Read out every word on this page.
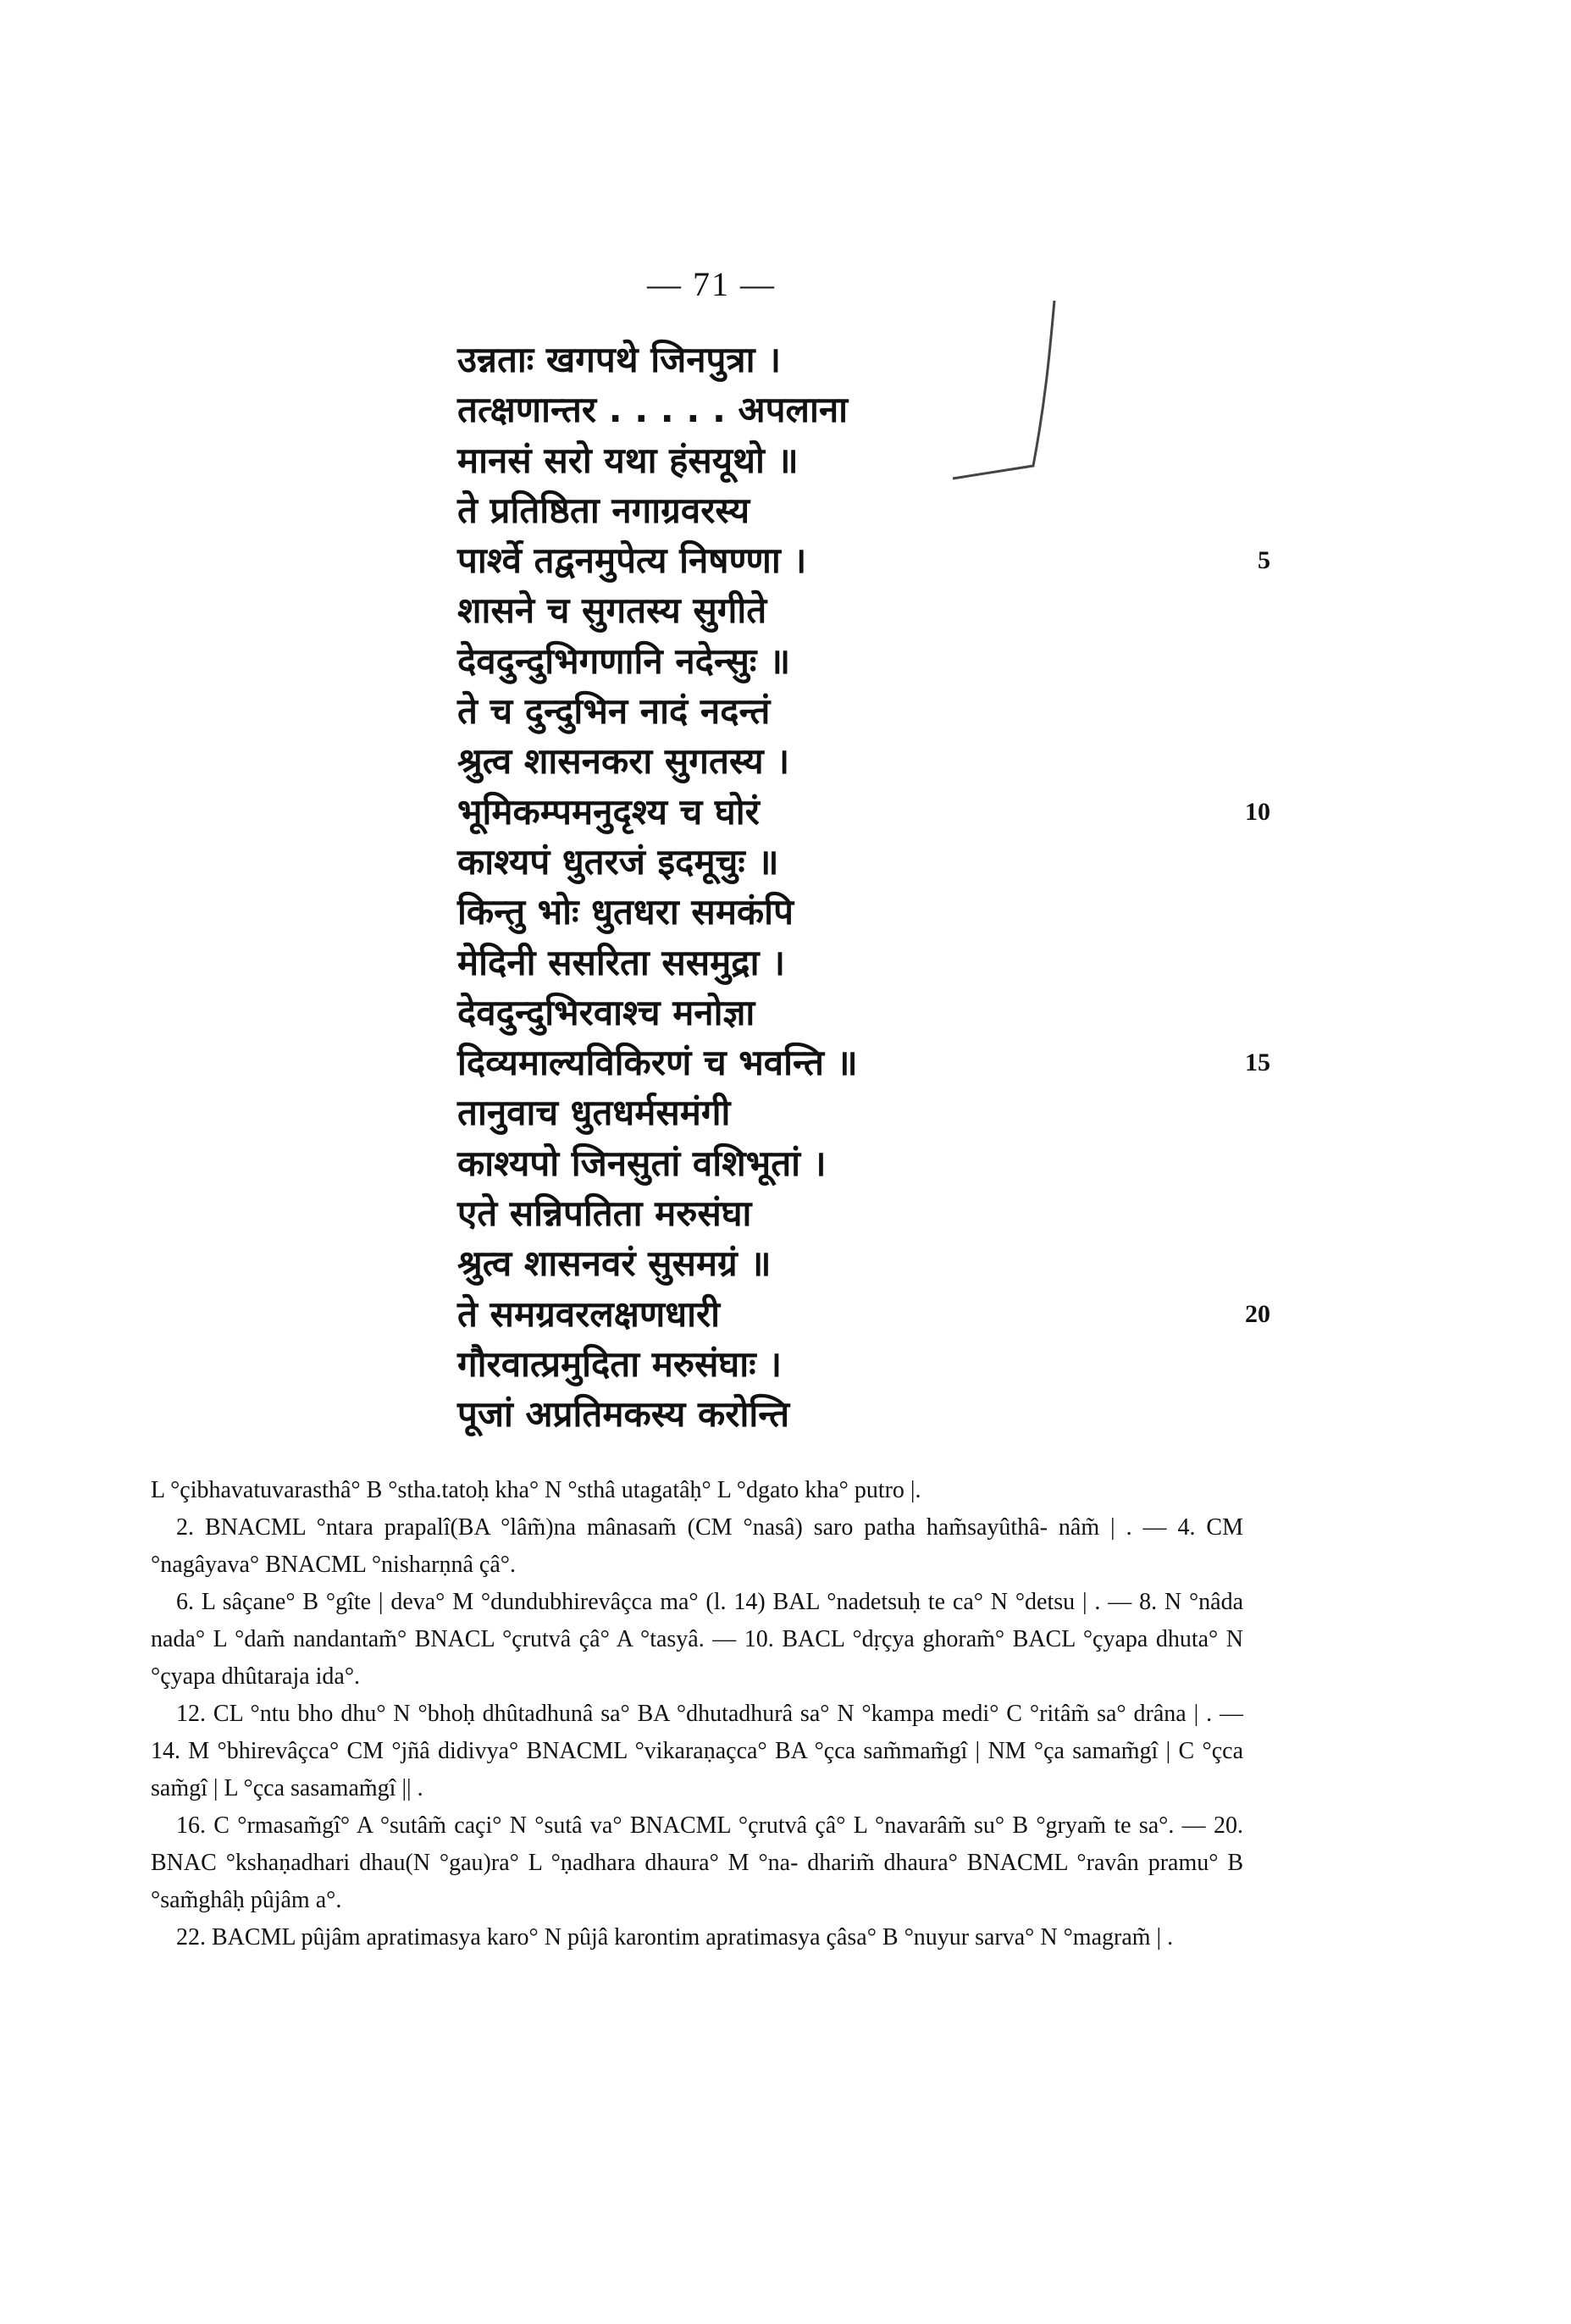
— 71 —
उन्नताः खगपथे जिनपुत्रा ।
तत्क्षणान्तर . . . . . अपलाना
मानसं सरो यथा हंसयूथो ॥
ते प्रतिष्ठिता नगाग्रवरस्य
पार्श्वे तद्वनमुपेत्य निषण्णा ।	5
शासने च सुगतस्य सुगीते
देवदुन्दुभिगणानि नदेन्सुः ॥
ते च दुन्दुभिन नादं नदन्तं
श्रुत्व शासनकरा सुगतस्य ।
भूमिकम्पमनुदृश्य च घोरं	10
काश्यपं धुतरजं इदमूचुः ॥
किन्तु भोः धुतधरा समकंपि
मेदिनी ससरिता ससमुद्रा ।
देवदुन्दुभिरवाश्च मनोज्ञा
दिव्यमाल्यविकिरणं च भवन्ति ॥	15
तानुवाच धुतधर्मसमंगी
काश्यपो जिनसुतां वशिभूतां ।
एते सन्निपतिता मरुसंघा
श्रुत्व शासनवरं सुसमग्रं ॥
ते समग्रवरलक्षणधारी	20
गौरवात्प्रमुदिता मरुसंघाः ।
पूजां अप्रतिमकस्य करोन्ति

L °çibhavatuvarasthâ° B °stha.tatoḥ kha° N °sthâ utagatâḥ° L °dgato kha° putro |.

2. BNACML °ntara prapalî(BA °lâm̃)na mânasam̃ (CM °nasâ) saro patha ham̃sayûthâ- nâm̃ | . — 4. CM °nagâyava° BNACML °nisharṇnâ çâ°.

6. L sâçane° B °gîte | deva° M °dundubhirevâçca ma° (l. 14) BAL °nadetsuḥ te ca° N °detsu | . — 8. N °nâda nada° L °dam̃ nandantam̃° BNACL °çrutvâ çâ° A °tasyâ. — 10. BACL °dṛçya ghoram̃° BACL °çyapa dhuta° N °çyapa dhûtaraja ida°.

12. CL °ntu bho dhu° N °bhoḥ dhûtadhunâ sa° BA °dhutadhurâ sa° N °kampa medi° C °ritâm̃ sa° drâna | . — 14. M °bhirevâçca° CM °jñâ didivya° BNACML °vikaraṇaçca° BA °çca sam̃mam̃gî | NM °ça samam̃gî | C °çca sam̃gî | L °çca sasamam̃gî || .

16. C °rmasam̃gî° A °sutâm̃ caçi° N °sutâ va° BNACML °çrutvâ çâ° L °navarâm̃ su° B °gryam̃ te sa°. — 20. BNAC °kshaṇadhari dhau(N °gau)ra° L °ṇadhara dhaura° M °na- dharim̃ dhaura° BNACML °ravân pramu° B °sam̃ghâḥ pûjâm a°.

22. BACML pûjâm apratimasya karo° N pûjâ karontim apratimasya çâsa° B °nuyur sarva° N °magram̃ | .
